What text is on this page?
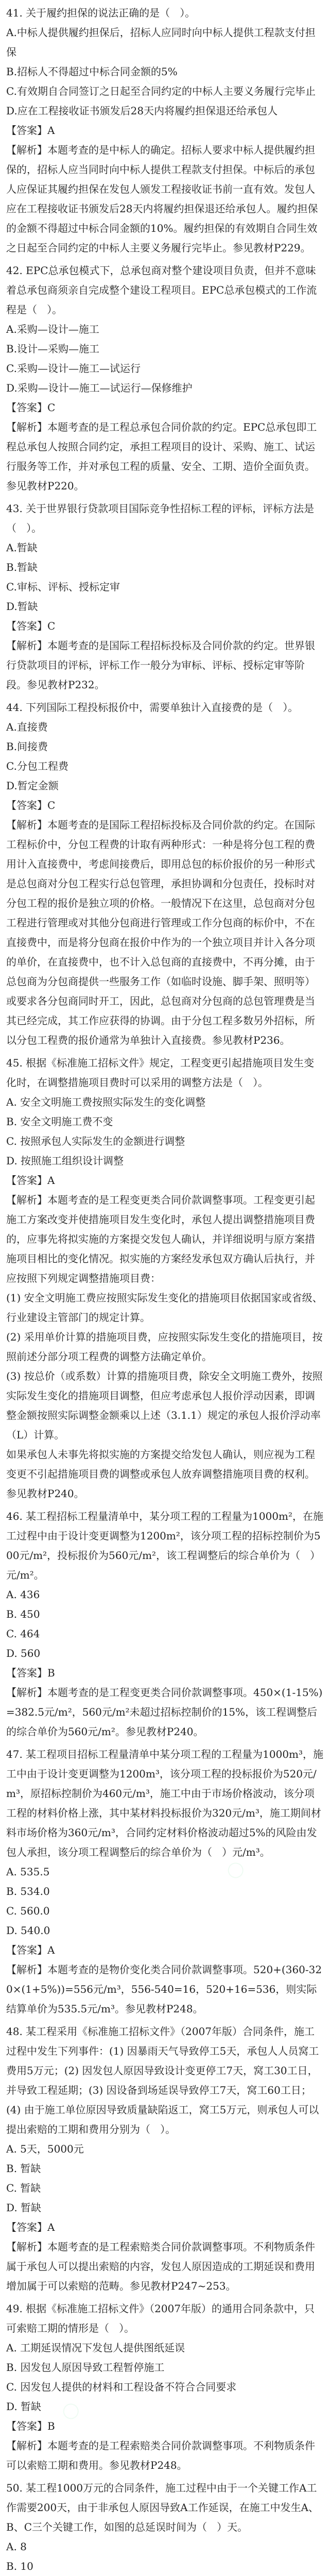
41. 关于履约担保的说法正确的是（   ）。
A.中标人提供履约担保后，招标人应同时向中标人提供工程款支付担保
B.招标人不得超过中标合同金额的5%
C.有效期自合同签订之日起至合同约定的中标人主要义务履行完毕止
D.应在工程接收证书颁发后28天内将履约担保退还给承包人
【答案】A
【解析】本题考查的是中标人的确定。招标人要求中标人提供履约担保的，招标人应当同时向中标人提供工程款支付担保。中标后的承包人应保证其履约担保在发包人颁发工程接收证书前一直有效。发包人应在工程接收证书颁发后28天内将履约担保退还给承包人。履约担保的金额不得超过中标合同金额的10%。履约担保的有效期自合同生效之日起至合同约定的中标人主要义务履行完毕止。参见教材P229。
42. EPC总承包模式下，总承包商对整个建设项目负责，但并不意味着总承包商须亲自完成整个建设工程项目。EPC总承包模式的工作流程是（   ）。
A.采购—设计—施工
B.设计—采购—施工
C.采购—设计—施工—试运行
D.采购—设计—施工—试运行—保修维护
【答案】C
【解析】本题考查的是工程总承包合同价款的约定。EPC总承包即工程总承包人按照合同约定，承担工程项目的设计、采购、施工、试运行服务等工作，并对承包工程的质量、安全、工期、造价全面负责。参见教材P220。
43. 关于世界银行贷款项目国际竞争性招标工程的评标，评标方法是（   ）。
A.暂缺
B.暂缺
C.审标、评标、授标定审
D.暂缺
【答案】C
【解析】本题考查的是国际工程招标投标及合同价款的约定。世界银行贷款项目的评标，评标工作一般分为审标、评标、授标定审等阶段。参见教材P232。
44. 下列国际工程投标报价中，需要单独计入直接费的是（   ）。
A.直接费
B.间接费
C.分包工程费
D.暂定金额
【答案】C
【解析】本题考查的是国际工程招标投标及合同价款的约定。在国际工程标价中，分包工程费的计取有两种形式：一种是将分包工程的费用计入直接费中，考虑间接费后，即用总包的标价报价的另一种形式是总包商对分包工程实行总包管理，承担协调和分包责任，投标时对分包工程的报价是独立项的价格。一般情况下在这里，总包商对分包工程进行管理或对其他分包商进行管理或工作分包商的标价中，不在直接费中，而是将分包商在报价中作为的一个独立项目并计入各分项的单价，在直接费中，也不计入总包商的直接费中，不再分摊，由于总包商为分包商提供一些服务工作（如临时设施、脚手架、照明等）或要求各分包商同时开工，因此，总包商对分包商的总包管理费是当其已经完成，其工作应获得的协调。由于分包工程多数另外招标，所以分包工程费的报价通常为单独计入直接费。参见教材P236。
45. 根据《标准施工招标文件》规定，工程变更引起措施项目发生变化时，在调整措施项目费时可以采用的调整方法是（   ）。
A. 安全文明施工费按照实际发生的变化调整
B. 安全文明施工费不变
C. 按照承包人实际发生的金额进行调整
D. 按照施工组织设计调整
【答案】A
【解析】本题考查的是工程变更类合同价款调整事项。工程变更引起施工方案改变并使措施项目发生变化时，承包人提出调整措施项目费的，应事先将拟实施的方案提交发包人确认，并详细说明与原方案措施项目相比的变化情况。拟实施的方案经发承包双方确认后执行，并应按照下列规定调整措施项目费：
(1) 安全文明施工费应按照实际发生变化的措施项目依据国家或省级、行业建设主管部门的规定计算。
(2) 采用单价计算的措施项目费，应按照实际发生变化的措施项目，按照前述分部分项工程费的调整方法确定单价。
(3) 按总价（或系数）计算的措施项目费，除安全文明施工费外，按照实际发生变化的措施项目调整，但应考虑承包人报价浮动因素，即调整金额按照实际调整金额乘以上述（3.1.1）规定的承包人报价浮动率（L）计算。
如果承包人未事先将拟实施的方案提交给发包人确认，则应视为工程变更不引起措施项目费的调整或承包人放弃调整措施项目费的权利。参见教材P240。
46. 某工程招标工程量清单中，某分项工程的工程量为1000m²，在施工过程中由于设计变更调整为1200m²，该分项工程的招标控制价为500元/m²，投标报价为560元/m²，该工程调整后的综合单价为（   ）元/m²。
A. 436
B. 450
C. 464
D. 560
【答案】B
【解析】本题考查的是工程变更类合同价款调整事项。450×(1-15%)=382.5元/m²，560元/m²未超过招标控制价的15%，该工程调整后的综合单价为560元/m²。参见教材P240。
47. 某工程项目招标工程量清单中某分项工程的工程量为1000m³，施工中由于设计变更调整为1200m³，该分项工程的投标报价为520元/m³，原招标控制价为460元/m³，施工中由于市场价格波动，该分项工程的材料价格上涨，其中某材料投标报价为320元/m³，施工期间材料市场价格为360元/m³，合同约定材料价格波动超过5%的风险由发包人承担，该分项工程调整后的综合单价为（   ）元/m³。
A. 535.5
B. 534.0
C. 560.0
D. 540.0
【答案】A
【解析】本题考查的是物价变化类合同价款调整事项。520+(360-320×(1+5%))=556元/m³，556-540=16，520+16=536，则实际结算单价为535.5元/m³。参见教材P248。
48. 某工程采用《标准施工招标文件》（2007年版）合同条件，施工过程中发生下列事件：(1) 因暴雨天气导致停工5天，承包人人员窝工费用5万元；(2) 因发包人原因导致设计变更停工7天，窝工30工日，并导致工程延期；(3) 因设备到场延误导致停工7天，窝工60工日；(4) 由于施工单位原因导致质量缺陷返工，窝工5万元，则承包人可以提出索赔的工期和费用分别为（   ）。
A. 5天，5000元
B. 暂缺
C. 暂缺
D. 暂缺
【答案】A
【解析】本题考查的是工程索赔类合同价款调整事项。不利物质条件属于承包人可以提出索赔的内容，发包人原因造成的工期延误和费用增加属于可以索赔的范畴。参见教材P247~253。
49. 根据《标准施工招标文件》（2007年版）的通用合同条款中，只可索赔工期的情形是（   ）。
A. 工期延误情况下发包人提供图纸延误
B. 因发包人原因导致工程暂停施工
C. 因发包人提供的材料和工程设备不符合合同要求
D. 暂缺
【答案】B
【解析】本题考查的是工程索赔类合同价款调整事项。不利物质条件可以索赔工期和费用。参见教材P248。
50. 某工程1000万元的合同条件，施工过程中由于一个关键工作A工作需要200天，由于非承包人原因导致A工作延误，在施工中发生A、B、C三个关键工作，如图的总延误时间为（   ）天。
A. 8
B. 10
